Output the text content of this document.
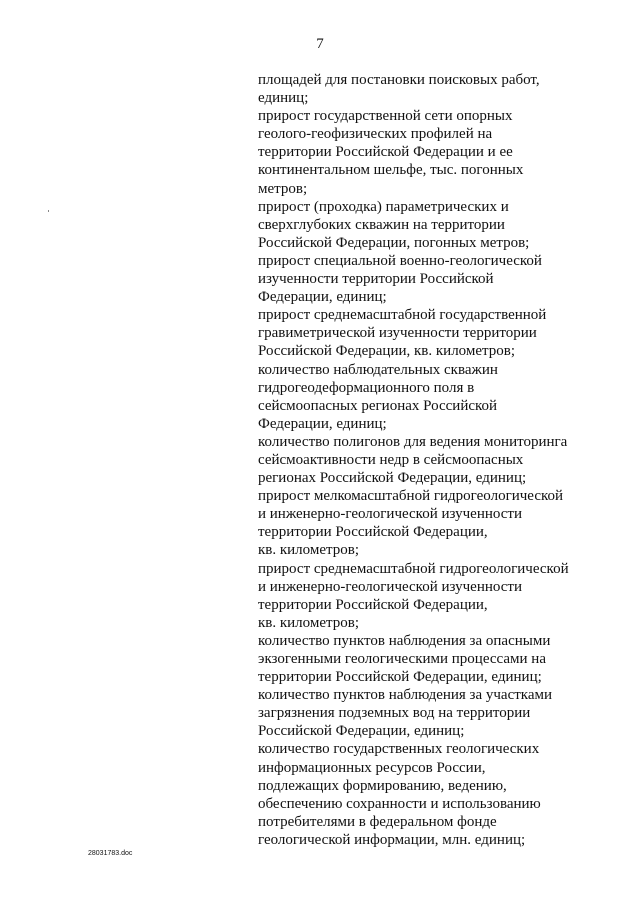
7
площадей для постановки поисковых работ,
единиц;
прирост государственной сети опорных
геолого-геофизических профилей на
территории Российской Федерации и ее
континентальном шельфе, тыс. погонных
метров;
прирост (проходка) параметрических и
сверхглубоких скважин на территории
Российской Федерации, погонных метров;
прирост специальной военно-геологической
изученности территории Российской
Федерации, единиц;
прирост среднемасштабной государственной
гравиметрической изученности территории
Российской Федерации, кв. километров;
количество наблюдательных скважин
гидрогеодеформационного поля в
сейсмоопасных регионах Российской
Федерации, единиц;
количество полигонов для ведения мониторинга
сейсмоактивности недр в сейсмоопасных
регионах Российской Федерации, единиц;
прирост мелкомасштабной гидрогеологической
и инженерно-геологической изученности
территории Российской Федерации,
кв. километров;
прирост среднемасштабной гидрогеологической
и инженерно-геологической изученности
территории Российской Федерации,
кв. километров;
количество пунктов наблюдения за опасными
экзогенными геологическими процессами на
территории Российской Федерации, единиц;
количество пунктов наблюдения за участками
загрязнения подземных вод на территории
Российской Федерации, единиц;
количество государственных геологических
информационных ресурсов России,
подлежащих формированию, ведению,
обеспечению сохранности и использованию
потребителями в федеральном фонде
геологической информации, млн. единиц;
28031783.doc
